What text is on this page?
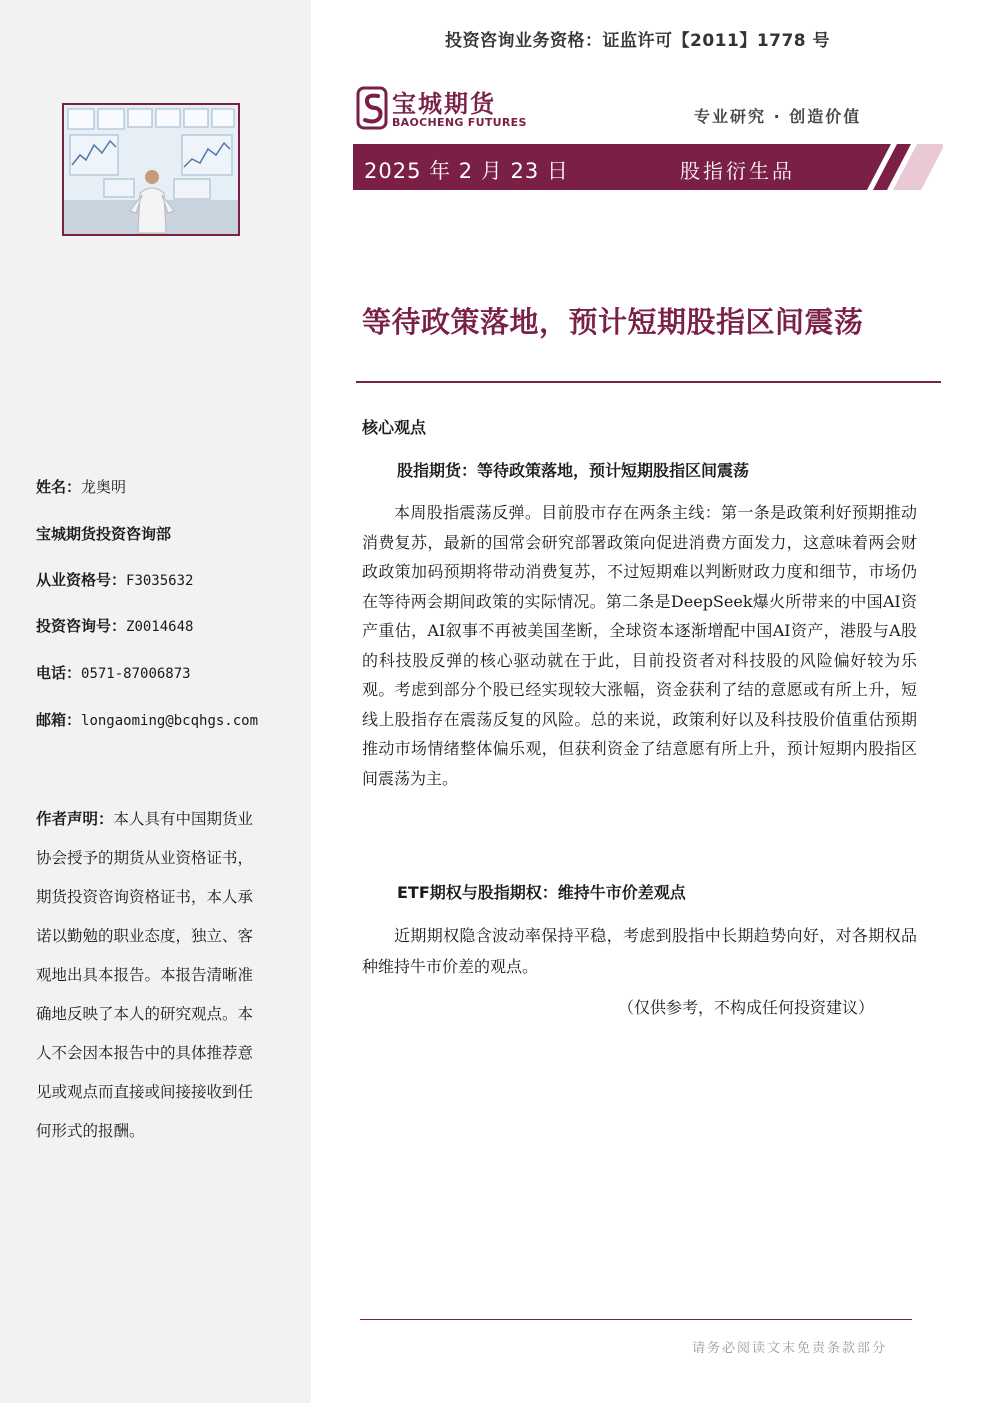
投资咨询业务资格：证监许可【2011】1778 号
宝城期货
BAOCHENG FUTURES	专业研究 · 创造价值
2025 年 2 月 23 日	股指衍生品
等待政策落地，预计短期股指区间震荡
核心观点
股指期货：等待政策落地，预计短期股指区间震荡
本周股指震荡反弹。目前股市存在两条主线：第一条是政策利好预期推动消费复苏，最新的国常会研究部署政策向促进消费方面发力，这意味着两会财政政策加码预期将带动消费复苏，不过短期难以判断财政力度和细节，市场仍在等待两会期间政策的实际情况。第二条是DeepSeek爆火所带来的中国AI资产重估，AI叙事不再被美国垄断，全球资本逐渐增配中国AI资产，港股与A股的科技股反弹的核心驱动就在于此，目前投资者对科技股的风险偏好较为乐观。考虑到部分个股已经实现较大涨幅，资金获利了结的意愿或有所上升，短线上股指存在震荡反复的风险。总的来说，政策利好以及科技股价值重估预期推动市场情绪整体偏乐观，但获利资金了结意愿有所上升，预计短期内股指区间震荡为主。
ETF期权与股指期权：维持牛市价差观点
近期期权隐含波动率保持平稳，考虑到股指中长期趋势向好，对各期权品种维持牛市价差的观点。
（仅供参考，不构成任何投资建议）
姓名：龙奥明
宝城期货投资咨询部
从业资格号：F3035632
投资咨询号：Z0014648
电话：0571-87006873
邮箱：longaoming@bcqhgs.com
作者声明：本人具有中国期货业协会授予的期货从业资格证书，期货投资咨询资格证书，本人承诺以勤勉的职业态度，独立、客观地出具本报告。本报告清晰准确地反映了本人的研究观点。本人不会因本报告中的具体推荐意见或观点而直接或间接接收到任何形式的报酬。
请务必阅读文末免责条款部分
